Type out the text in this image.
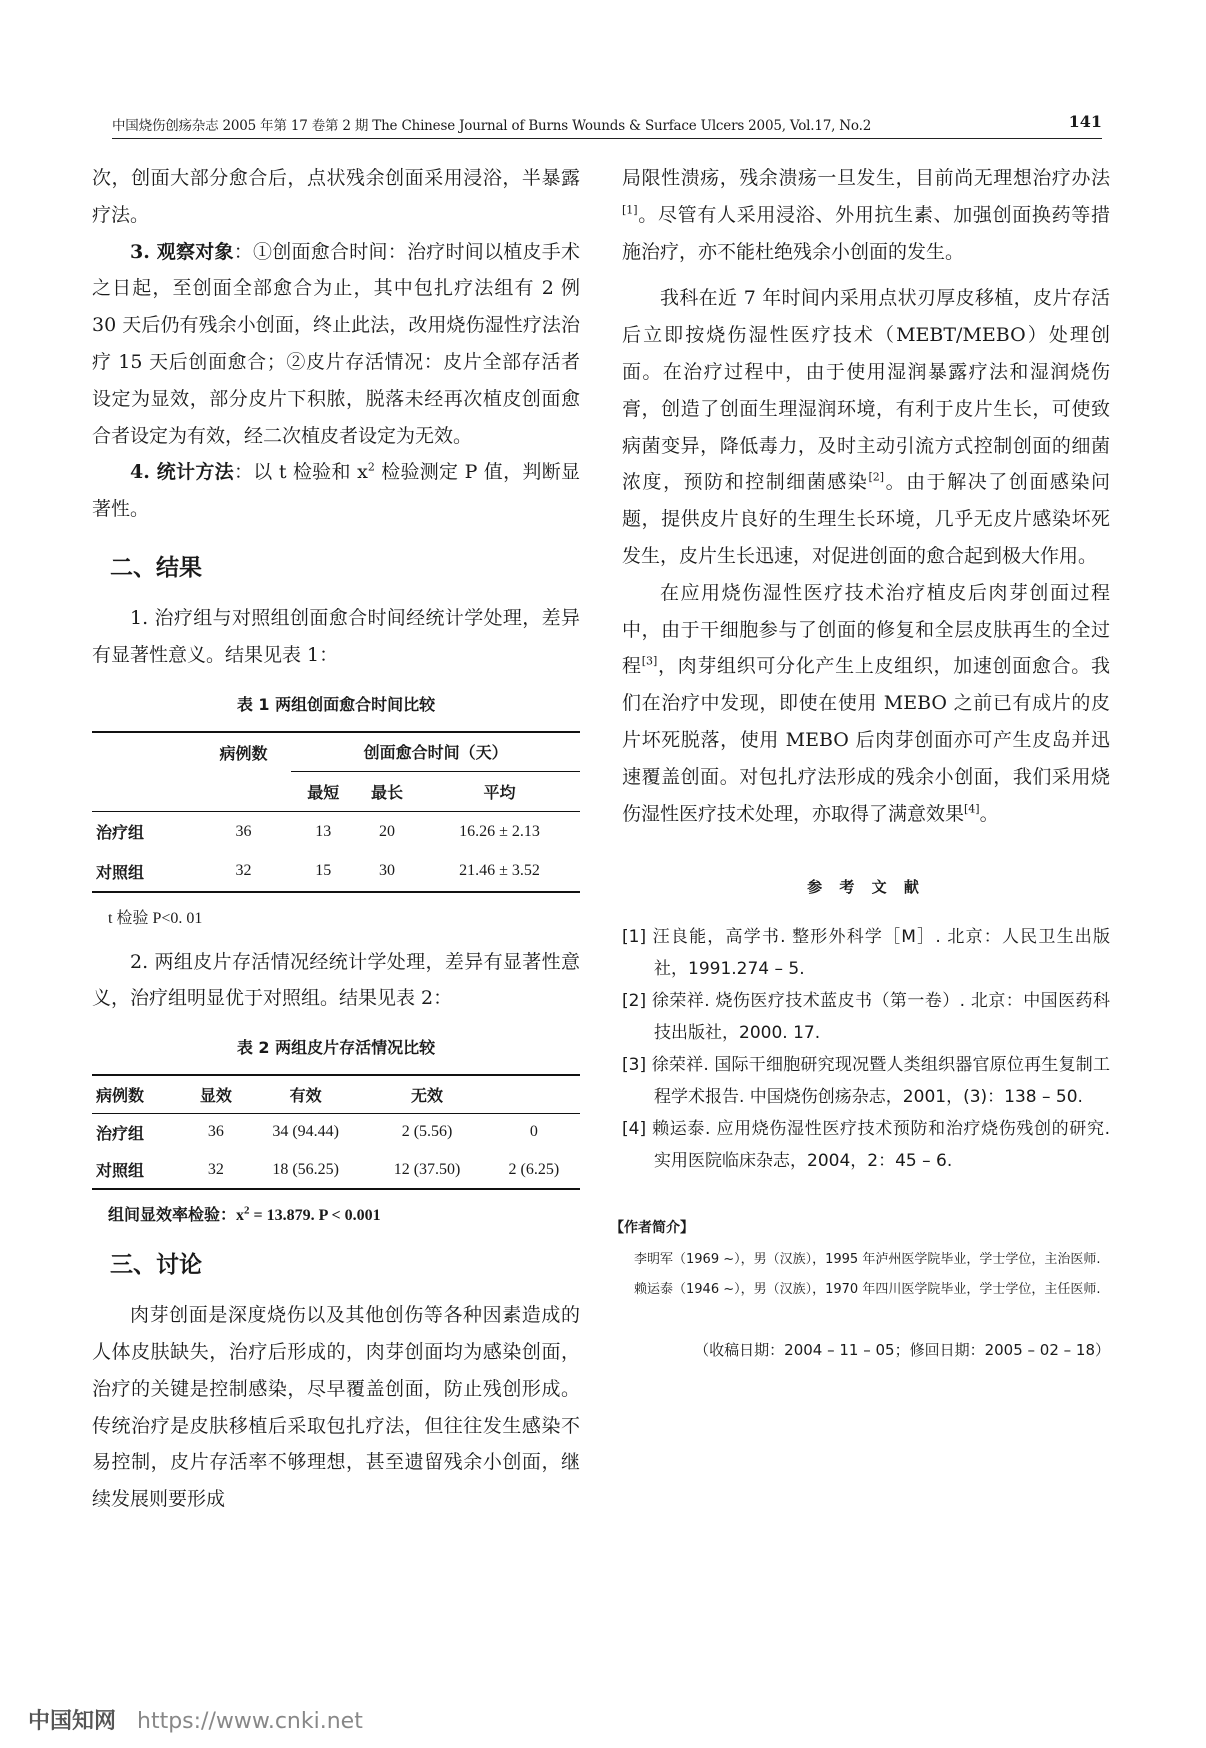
中国烧伤创疡杂志 2005 年第 17 卷第 2 期 The Chinese Journal of Burns Wounds & Surface Ulcers 2005, Vol.17, No.2	141

次，创面大部分愈合后，点状残余创面采用浸浴，半暴露疗法。

3. 观察对象：①创面愈合时间：治疗时间以植皮手术之日起，至创面全部愈合为止，其中包扎疗法组有 2 例 30 天后仍有残余小创面，终止此法，改用烧伤湿性疗法治疗 15 天后创面愈合；②皮片存活情况：皮片全部存活者设定为显效，部分皮片下积脓，脱落未经再次植皮创面愈合者设定为有效，经二次植皮者设定为无效。

4. 统计方法：以 t 检验和 $x^2$ 检验测定 P 值，判断显著性。

二、结果

1. 治疗组与对照组创面愈合时间经统计学处理，差异有显著性意义。结果见表 1：

表 1 两组创面愈合时间比较
	病例数	创面愈合时间（天）		
		最短	最长	平均
治疗组	36	13	20	16.26 ± 2.13
对照组	32	15	30	21.46 ± 3.52
t 检验 P<0. 01

2. 两组皮片存活情况经统计学处理，差异有显著性意义，治疗组明显优于对照组。结果见表 2：

表 2 两组皮片存活情况比较
病例数	显效	有效	无效	
治疗组	36	34 (94.44)	2 (5.56)	0
对照组	32	18 (56.25)	12 (37.50)	2 (6.25)
组间显效率检验：$x^2 = 13.879$. P < 0.001
三、讨论

肉芽创面是深度烧伤以及其他创伤等各种因素造成的人体皮肤缺失，治疗后形成的，肉芽创面均为感染创面，治疗的关键是控制感染，尽早覆盖创面，防止残创形成。传统治疗是皮肤移植后采取包扎疗法，但往往发生感染不易控制，皮片存活率不够理想，甚至遗留残余小创面，继续发展则要形成

局限性溃疡，残余溃疡一旦发生，目前尚无理想治疗办法[1]。尽管有人采用浸浴、外用抗生素、加强创面换药等措施治疗，亦不能杜绝残余小创面的发生。

我科在近 7 年时间内采用点状刃厚皮移植，皮片存活后立即按烧伤湿性医疗技术（MEBT/MEBO）处理创面。在治疗过程中，由于使用湿润暴露疗法和湿润烧伤膏，创造了创面生理湿润环境，有利于皮片生长，可使致病菌变异，降低毒力，及时主动引流方式控制创面的细菌浓度，预防和控制细菌感染[2]。由于解决了创面感染问题，提供皮片良好的生理生长环境，几乎无皮片感染坏死发生，皮片生长迅速，对促进创面的愈合起到极大作用。

在应用烧伤湿性医疗技术治疗植皮后肉芽创面过程中，由于干细胞参与了创面的修复和全层皮肤再生的全过程[3]，肉芽组织可分化产生上皮组织，加速创面愈合。我们在治疗中发现，即使在使用 MEBO 之前已有成片的皮片坏死脱落，使用 MEBO 后肉芽创面亦可产生皮岛并迅速覆盖创面。对包扎疗法形成的残余小创面，我们采用烧伤湿性医疗技术处理，亦取得了满意效果[4]。

参 考 文 献

[1] 汪良能，高学书. 整形外科学［M］. 北京：人民卫生出版社，1991.274 – 5.

[2] 徐荣祥. 烧伤医疗技术蓝皮书（第一卷）. 北京：中国医药科技出版社，2000. 17.

[3] 徐荣祥. 国际干细胞研究现况暨人类组织器官原位再生复制工程学术报告. 中国烧伤创疡杂志，2001，(3)：138 – 50.

[4] 赖运泰. 应用烧伤湿性医疗技术预防和治疗烧伤残创的研究. 实用医院临床杂志，2004，2：45 – 6.

【作者简介】

李明军（1969 ~），男（汉族），1995 年泸州医学院毕业，学士学位，主治医师.

赖运泰（1946 ~），男（汉族），1970 年四川医学院毕业，学士学位，主任医师.

（收稿日期：2004 – 11 – 05；修回日期：2005 – 02 – 18）
中国知网 https://www.cnki.net
